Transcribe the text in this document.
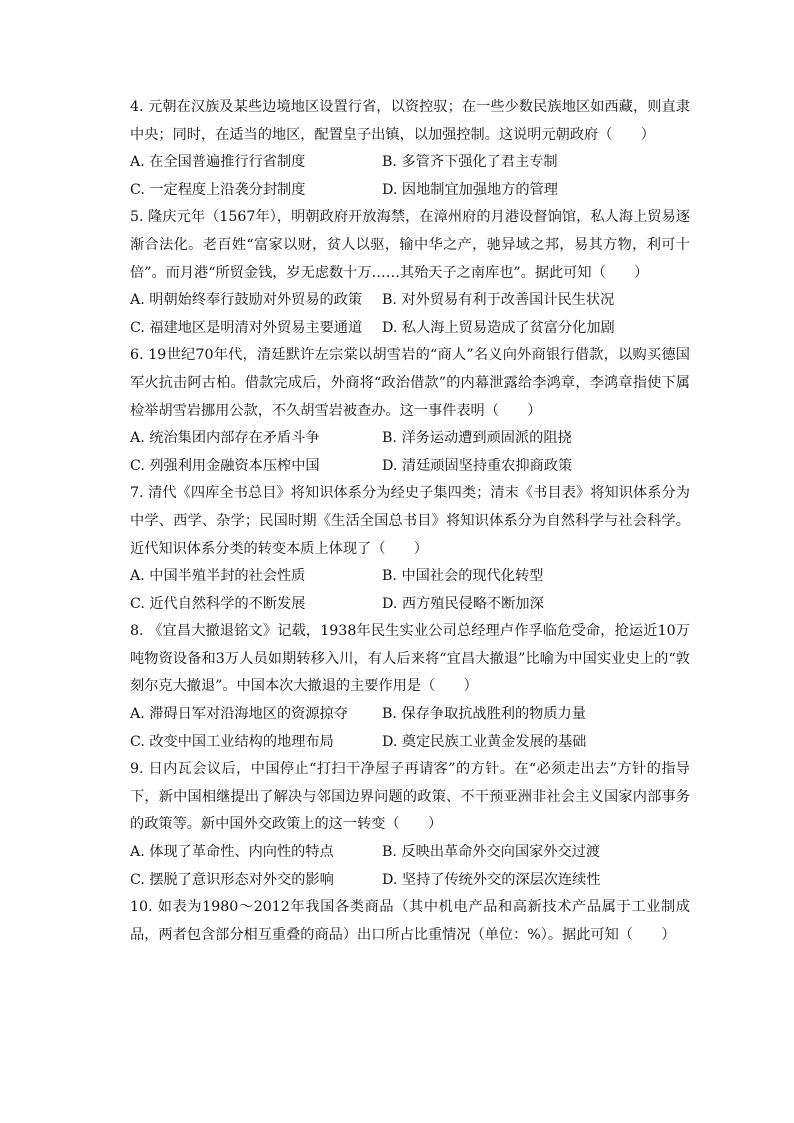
4. 元朝在汉族及某些边境地区设置行省，以资控驭；在一些少数民族地区如西藏，则直隶中央；同时，在适当的地区，配置皇子出镇，以加强控制。这说明元朝政府（　　）

A. 在全国普遍推行行省制度	B. 多管齐下强化了君主专制
C. 一定程度上沿袭分封制度	D. 因地制宜加强地方的管理

5. 隆庆元年（1567年），明朝政府开放海禁，在漳州府的月港设督饷馆，私人海上贸易逐渐合法化。老百姓“富家以财，贫人以驱，输中华之产，驰异域之邦，易其方物，利可十倍”。而月港“所贸金钱，岁无虑数十万……其殆天子之南库也”。据此可知（　　）

A. 明朝始终奉行鼓励对外贸易的政策	B. 对外贸易有利于改善国计民生状况
C. 福建地区是明清对外贸易主要通道	D. 私人海上贸易造成了贫富分化加剧

6. 19世纪70年代，清廷默许左宗棠以胡雪岩的“商人”名义向外商银行借款，以购买德国军火抗击阿古柏。借款完成后，外商将“政治借款”的内幕泄露给李鸿章，李鸿章指使下属检举胡雪岩挪用公款，不久胡雪岩被查办。这一事件表明（　　）

A. 统治集团内部存在矛盾斗争	B. 洋务运动遭到顽固派的阻挠
C. 列强利用金融资本压榨中国	D. 清廷顽固坚持重农抑商政策

7. 清代《四库全书总目》将知识体系分为经史子集四类；清末《书目表》将知识体系分为中学、西学、杂学；民国时期《生活全国总书目》将知识体系分为自然科学与社会科学。近代知识体系分类的转变本质上体现了（　　）

A. 中国半殖半封的社会性质	B. 中国社会的现代化转型
C. 近代自然科学的不断发展	D. 西方殖民侵略不断加深

8. 《宜昌大撤退铭文》记载，1938年民生实业公司总经理卢作孚临危受命，抢运近10万吨物资设备和3万人员如期转移入川，有人后来将“宜昌大撤退”比喻为中国实业史上的“敦刻尔克大撤退”。中国本次大撤退的主要作用是（　　）

A. 滞碍日军对沿海地区的资源掠夺	B. 保存争取抗战胜利的物质力量
C. 改变中国工业结构的地理布局	D. 奠定民族工业黄金发展的基础

9. 日内瓦会议后，中国停止“打扫干净屋子再请客”的方针。在“必须走出去”方针的指导下，新中国相继提出了解决与邻国边界问题的政策、不干预亚洲非社会主义国家内部事务的政策等。新中国外交政策上的这一转变（　　）

A. 体现了革命性、内向性的特点	B. 反映出革命外交向国家外交过渡
C. 摆脱了意识形态对外交的影响	D. 坚持了传统外交的深层次连续性

10. 如表为1980～2012年我国各类商品（其中机电产品和高新技术产品属于工业制成品，两者包含部分相互重叠的商品）出口所占比重情况（单位：%）。据此可知（　　）
